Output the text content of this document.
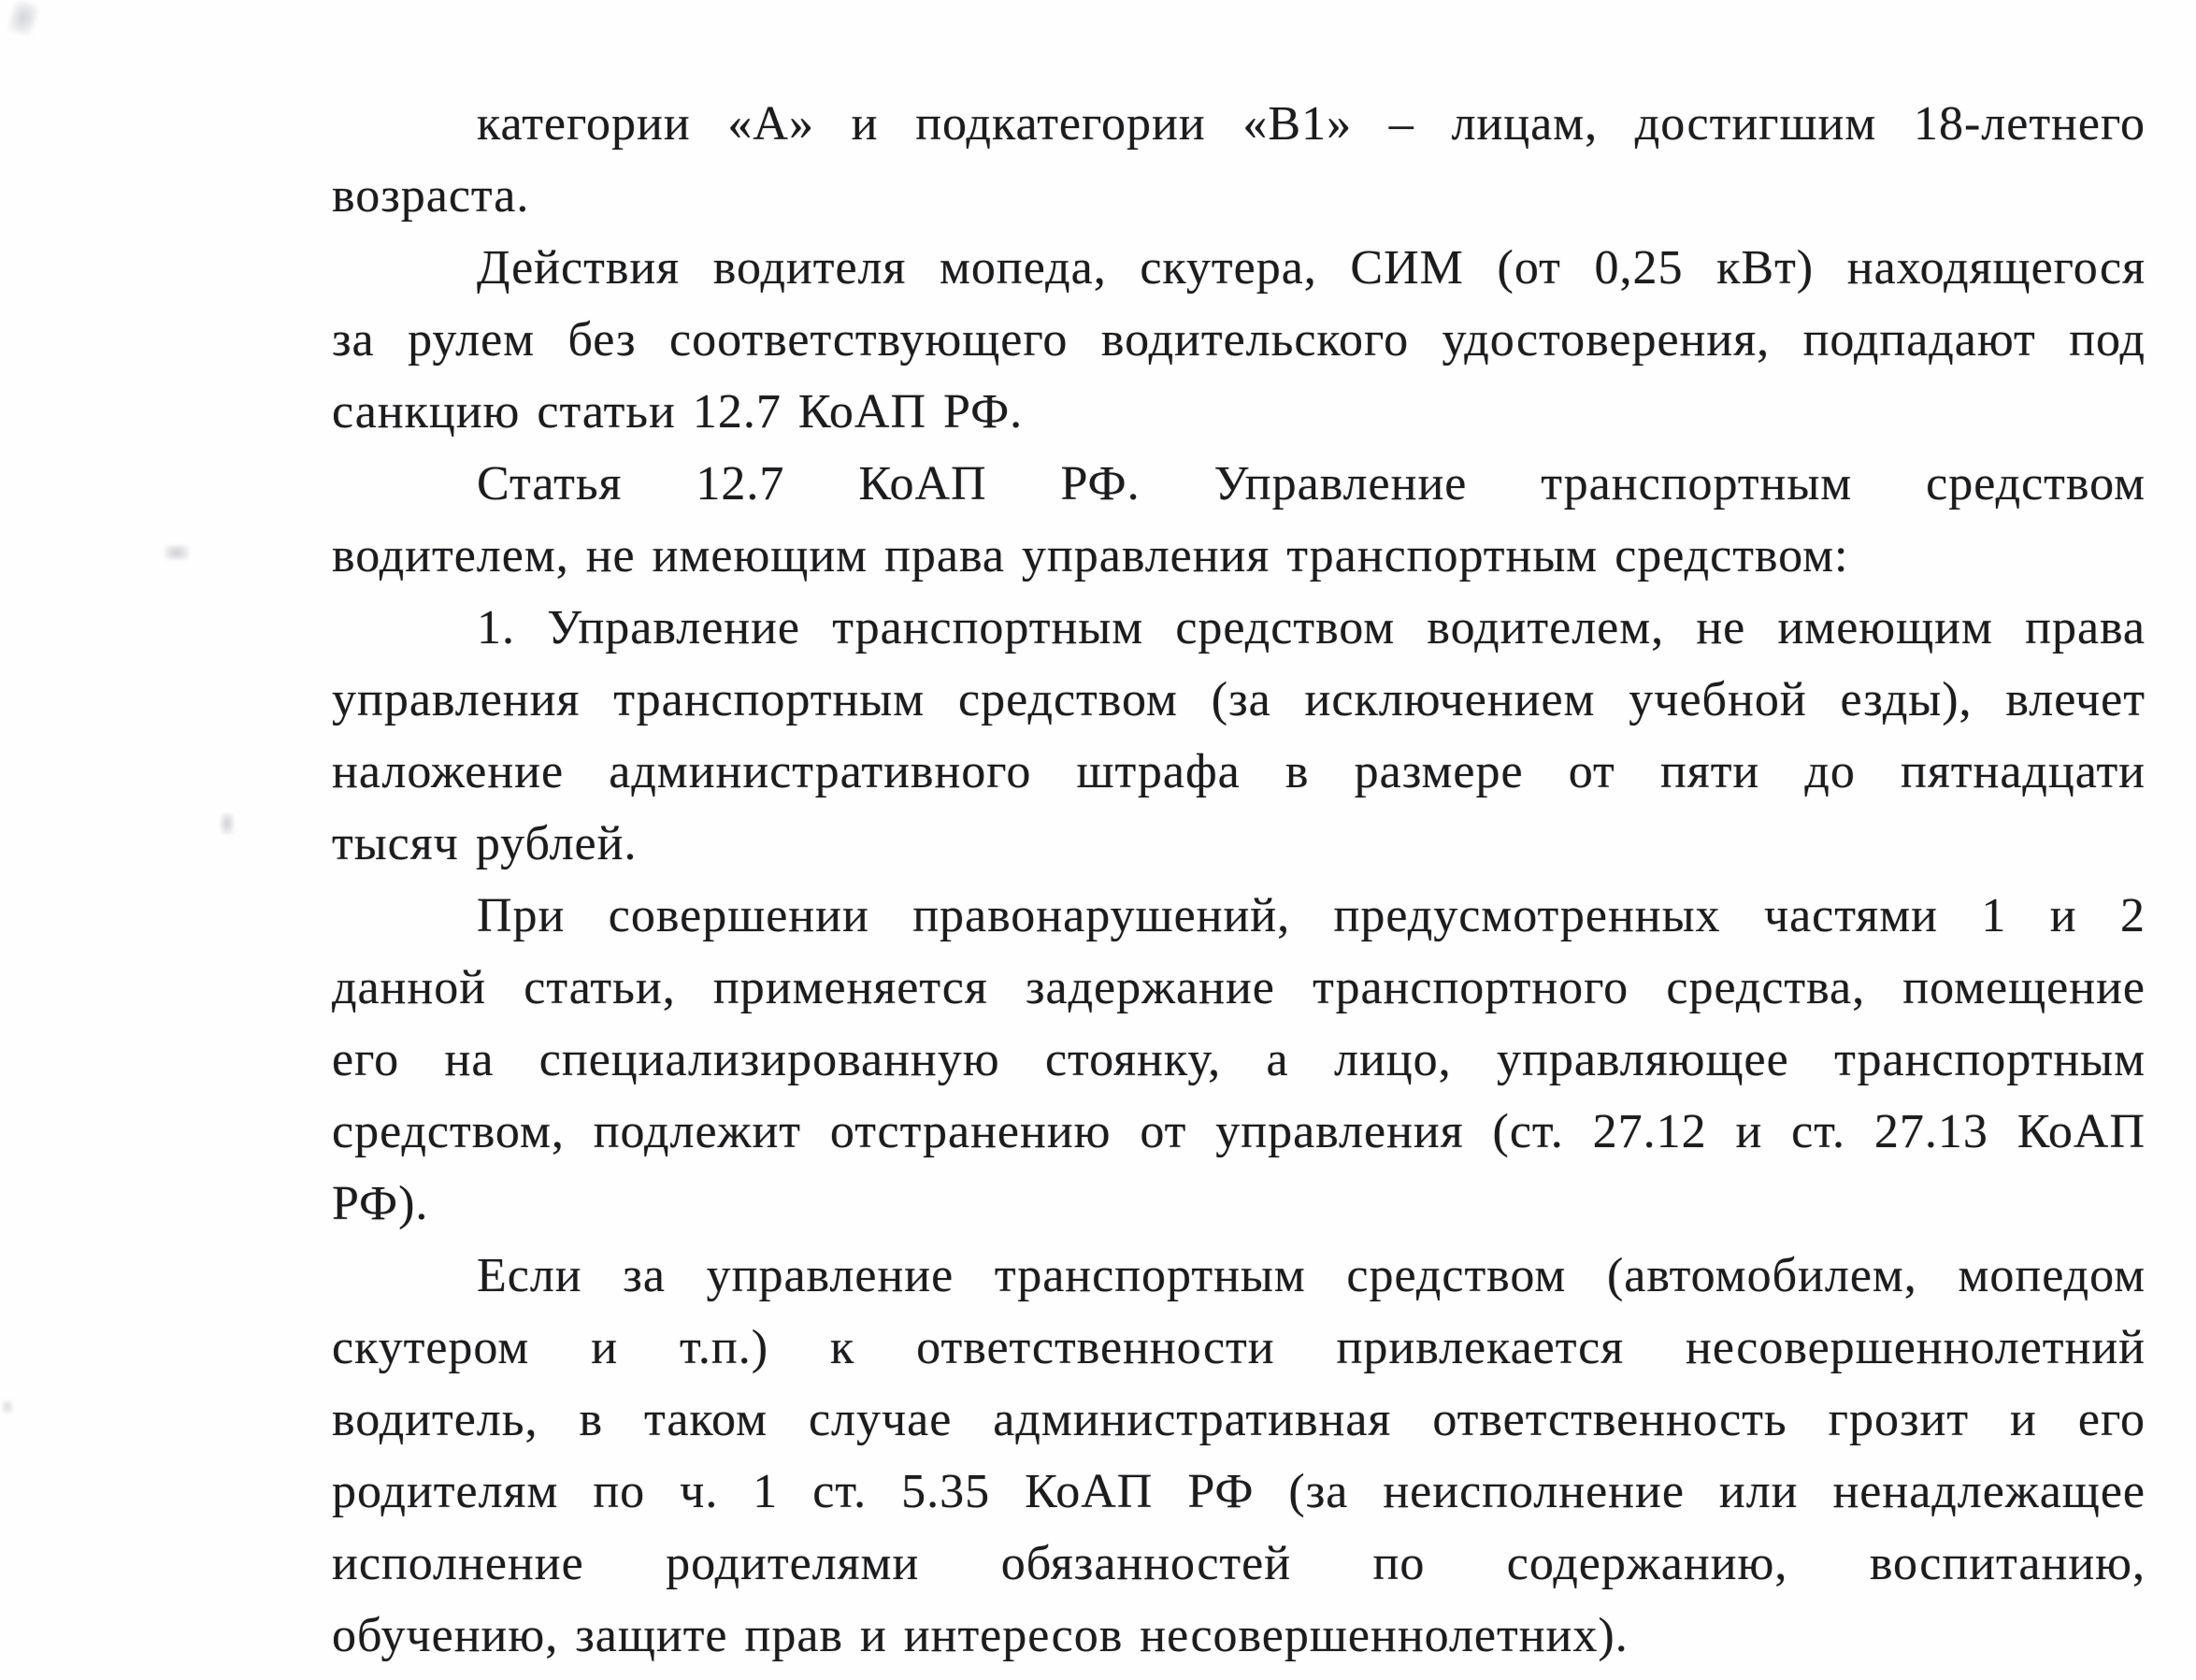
категории «А» и подкатегории «В1» – лицам, достигшим 18-летнего
возраста.
Действия водителя мопеда, скутера, СИМ (от 0,25 кВт) находящегося
за рулем без соответствующего водительского удостоверения, подпадают под
санкцию статьи 12.7 КоАП РФ.
Статья 12.7 КоАП РФ. Управление транспортным средством
водителем, не имеющим права управления транспортным средством:
1. Управление транспортным средством водителем, не имеющим права
управления транспортным средством (за исключением учебной езды), влечет
наложение административного штрафа в размере от пяти до пятнадцати
тысяч рублей.
При совершении правонарушений, предусмотренных частями 1 и 2
данной статьи, применяется задержание транспортного средства, помещение
его на специализированную стоянку, а лицо, управляющее транспортным
средством, подлежит отстранению от управления (ст. 27.12 и ст. 27.13 КоАП
РФ).
Если за управление транспортным средством (автомобилем, мопедом
скутером и т.п.) к ответственности привлекается несовершеннолетний
водитель, в таком случае административная ответственность грозит и его
родителям по ч. 1 ст. 5.35 КоАП РФ (за неисполнение или ненадлежащее
исполнение родителями обязанностей по содержанию, воспитанию,
обучению, защите прав и интересов несовершеннолетних).
